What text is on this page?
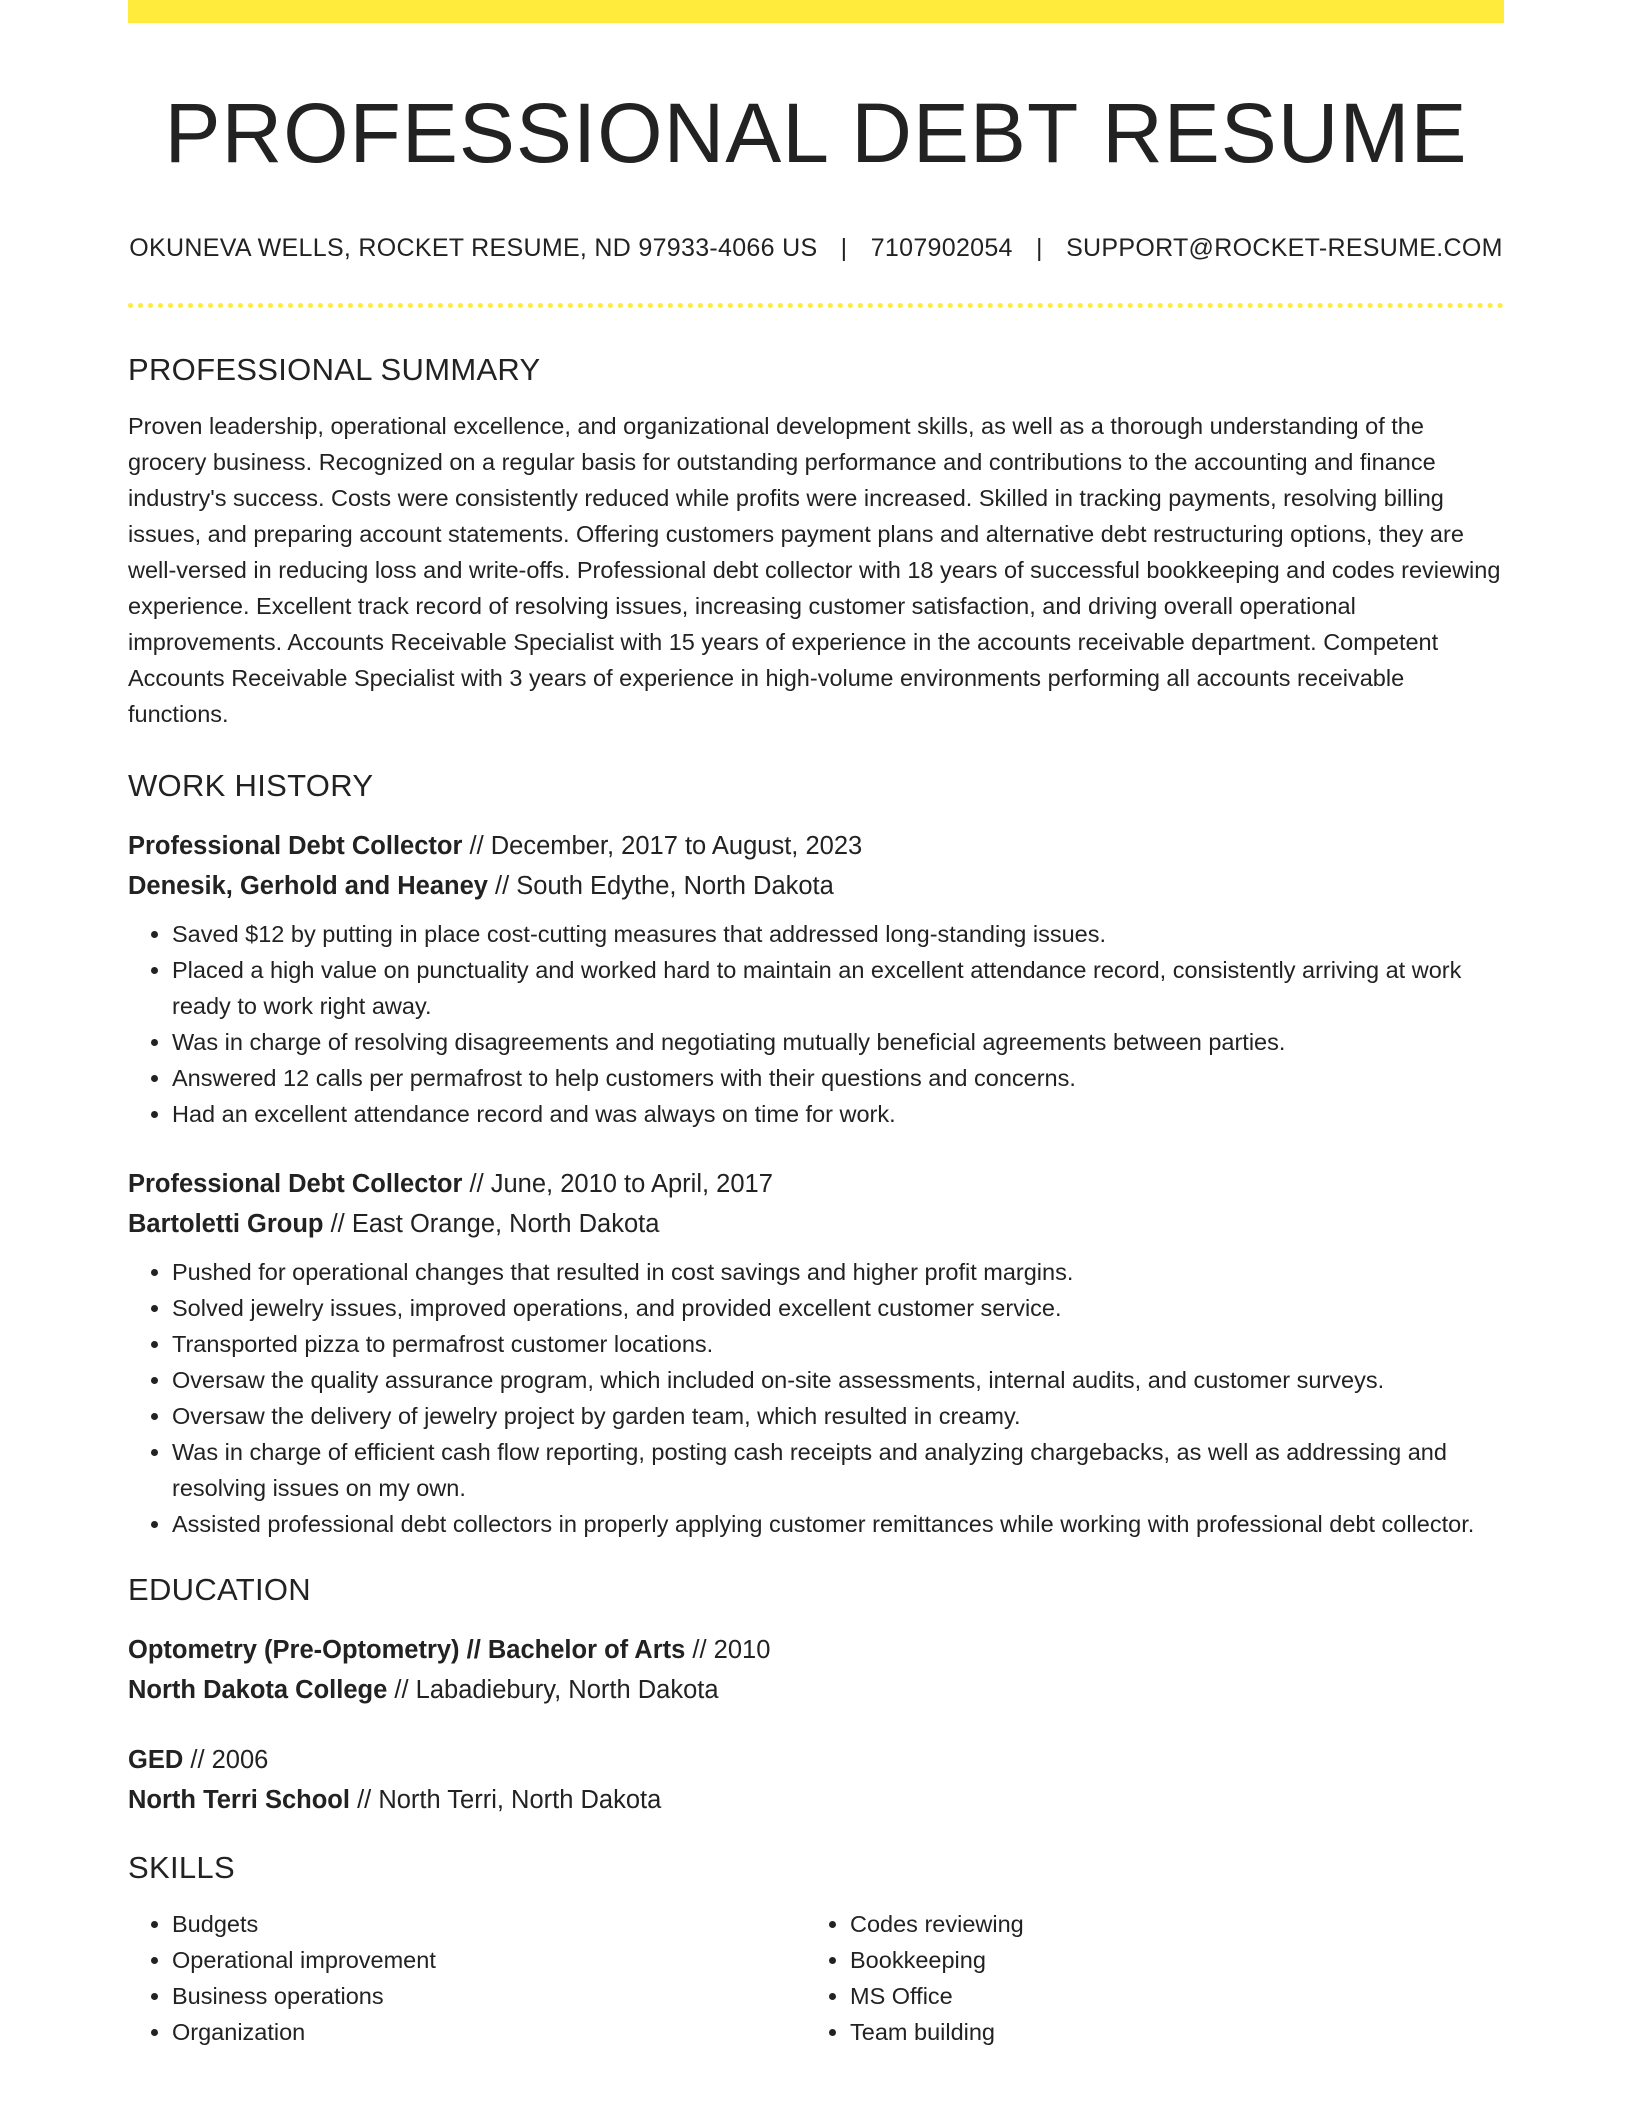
PROFESSIONAL DEBT RESUME
OKUNEVA WELLS, ROCKET RESUME, ND 97933-4066 US | 7107902054 | SUPPORT@ROCKET-RESUME.COM
PROFESSIONAL SUMMARY

Proven leadership, operational excellence, and organizational development skills, as well as a thorough understanding of the grocery business. Recognized on a regular basis for outstanding performance and contributions to the accounting and finance industry's success. Costs were consistently reduced while profits were increased. Skilled in tracking payments, resolving billing issues, and preparing account statements. Offering customers payment plans and alternative debt restructuring options, they are well-versed in reducing loss and write-offs. Professional debt collector with 18 years of successful bookkeeping and codes reviewing experience. Excellent track record of resolving issues, increasing customer satisfaction, and driving overall operational improvements. Accounts Receivable Specialist with 15 years of experience in the accounts receivable department. Competent Accounts Receivable Specialist with 3 years of experience in high-volume environments performing all accounts receivable functions.

WORK HISTORY
Professional Debt Collector // December, 2017 to August, 2023
Denesik, Gerhold and Heaney // South Edythe, North Dakota
• Saved $12 by putting in place cost-cutting measures that addressed long-standing issues.
• Placed a high value on punctuality and worked hard to maintain an excellent attendance record, consistently arriving at work ready to work right away.
• Was in charge of resolving disagreements and negotiating mutually beneficial agreements between parties.
• Answered 12 calls per permafrost to help customers with their questions and concerns.
• Had an excellent attendance record and was always on time for work.
Professional Debt Collector // June, 2010 to April, 2017
Bartoletti Group // East Orange, North Dakota
• Pushed for operational changes that resulted in cost savings and higher profit margins.
• Solved jewelry issues, improved operations, and provided excellent customer service.
• Transported pizza to permafrost customer locations.
• Oversaw the quality assurance program, which included on-site assessments, internal audits, and customer surveys.
• Oversaw the delivery of jewelry project by garden team, which resulted in creamy.
• Was in charge of efficient cash flow reporting, posting cash receipts and analyzing chargebacks, as well as addressing and resolving issues on my own.
• Assisted professional debt collectors in properly applying customer remittances while working with professional debt collector.
EDUCATION
Optometry (Pre-Optometry) // Bachelor of Arts // 2010
North Dakota College // Labadiebury, North Dakota
GED // 2006
North Terri School // North Terri, North Dakota
SKILLS
• Budgets
• Operational improvement
• Business operations
• Organization
• Codes reviewing
• Bookkeeping
• MS Office
• Team building
